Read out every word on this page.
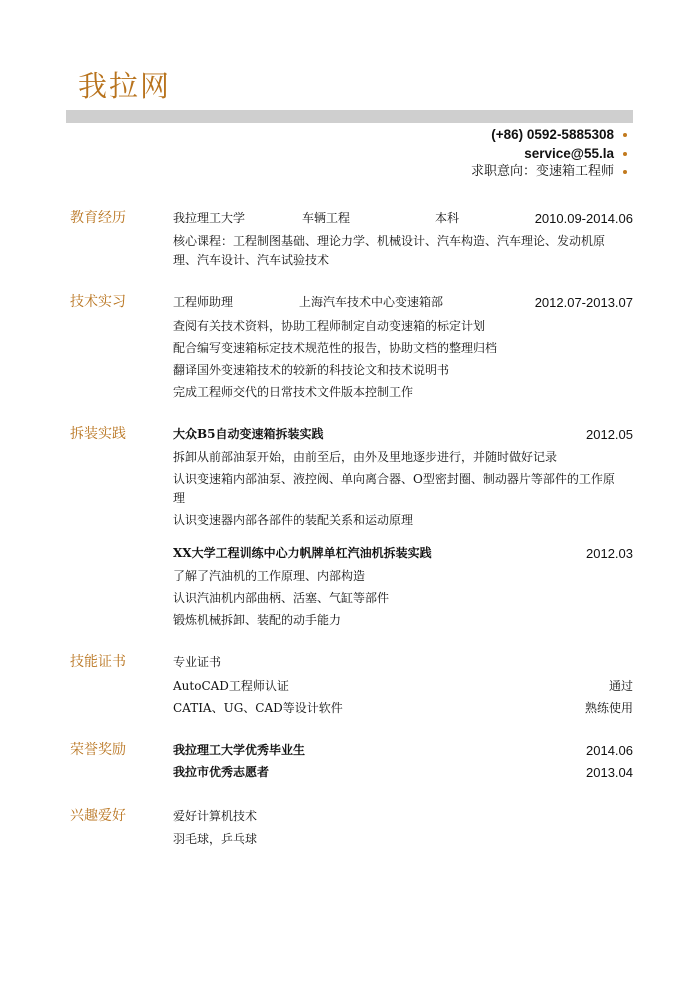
我拉网
(+86) 0592-5885308
service@55.la
求职意向：变速箱工程师
教育经历	我拉理工大学	车辆工程	本科	2010.09-2014.06
核心课程：工程制图基础、理论力学、机械设计、汽车构造、汽车理论、发动机原
理、汽车设计、汽车试验技术
技术实习	工程师助理	上海汽车技术中心变速箱部	2012.07-2013.07
查阅有关技术资料，协助工程师制定自动变速箱的标定计划
配合编写变速箱标定技术规范性的报告，协助文档的整理归档
翻译国外变速箱技术的较新的科技论文和技术说明书
完成工程师交代的日常技术文件版本控制工作
拆装实践	大众B5自动变速箱拆装实践	2012.05
拆卸从前部油泵开始，由前至后，由外及里地逐步进行，并随时做好记录
认识变速箱内部油泵、液控阀、单向离合器、O型密封圈、制动器片等部件的工作原
理
认识变速器内部各部件的装配关系和运动原理
XX大学工程训练中心力帆牌单杠汽油机拆装实践	2012.03
了解了汽油机的工作原理、内部构造
认识汽油机内部曲柄、活塞、气缸等部件
锻炼机械拆卸、装配的动手能力
技能证书	专业证书
AutoCAD工程师认证	通过
CATIA、UG、CAD等设计软件	熟练使用
荣誉奖励	我拉理工大学优秀毕业生	2014.06
我拉市优秀志愿者	2013.04
兴趣爱好	爱好计算机技术
羽毛球，乒乓球
